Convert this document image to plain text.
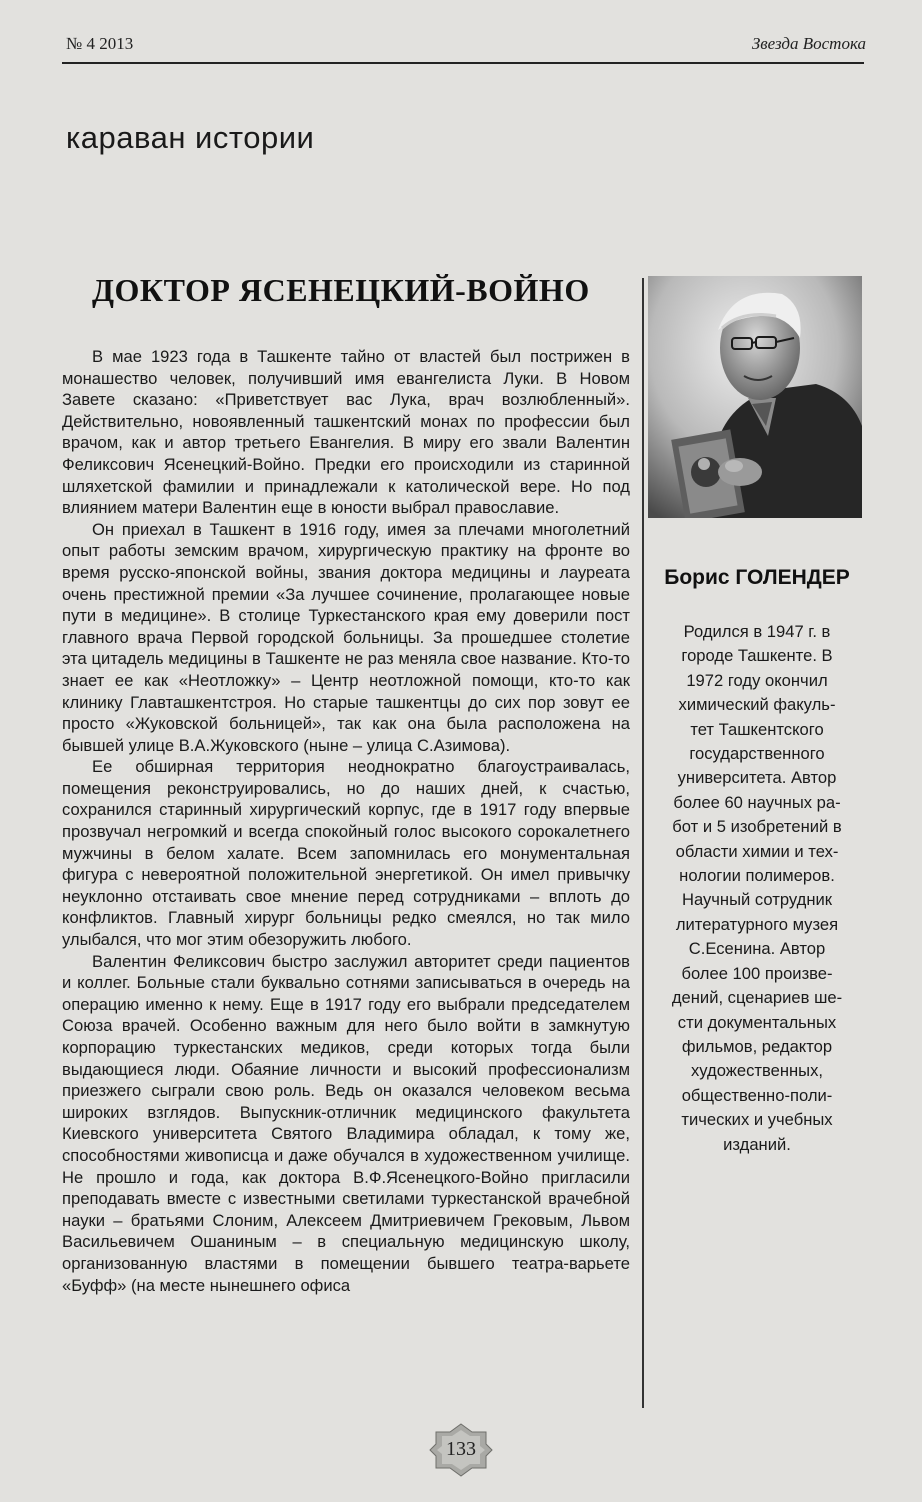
№ 4 2013	Звезда Востока
караван истории
ДОКТОР ЯСЕНЕЦКИЙ-ВОЙНО

В мае 1923 года в Ташкенте тайно от властей был пострижен в монашество человек, получивший имя евангелиста Луки. В Новом Завете сказано: «Приветствует вас Лука, врач возлюбленный». Действительно, новоявленный ташкентский монах по профессии был врачом, как и автор третьего Евангелия. В миру его звали Валентин Феликсович Ясенецкий-Войно. Предки его происходили из старинной шляхетской фамилии и принадлежали к католической вере. Но под влиянием матери Валентин еще в юности выбрал православие.

Он приехал в Ташкент в 1916 году, имея за плечами многолетний опыт работы земским врачом, хирургическую практику на фронте во время русско-японской войны, звания доктора медицины и лауреата очень престижной премии «За лучшее сочинение, пролагающее новые пути в медицине». В столице Туркестанского края ему доверили пост главного врача Первой городской больницы. За прошедшее столетие эта цитадель медицины в Ташкенте не раз меняла свое название. Кто-то знает ее как «Неотложку» – Центр неотложной помощи, кто-то как клинику Главташкентстроя. Но старые ташкентцы до сих пор зовут ее просто «Жуковской больницей», так как она была расположена на бывшей улице В.А.Жуковского (ныне – улица С.Азимова).

Ее обширная территория неоднократно благоустраивалась, помещения реконструировались, но до наших дней, к счастью, сохранился старинный хирургический корпус, где в 1917 году впервые прозвучал негромкий и всегда спокойный голос высокого сорокалетнего мужчины в белом халате. Всем запомнилась его монументальная фигура с невероятной положительной энергетикой. Он имел привычку неуклонно отстаивать свое мнение перед сотрудниками – вплоть до конфликтов. Главный хирург больницы редко смеялся, но так мило улыбался, что мог этим обезоружить любого.

Валентин Феликсович быстро заслужил авторитет среди пациентов и коллег. Больные стали буквально сотнями записываться в очередь на операцию именно к нему. Еще в 1917 году его выбрали председателем Союза врачей. Особенно важным для него было войти в замкнутую корпорацию туркестанских медиков, среди которых тогда были выдающиеся люди. Обаяние личности и высокий профессионализм приезжего сыграли свою роль. Ведь он оказался человеком весьма широких взглядов. Выпускник-отличник медицинского факультета Киевского университета Святого Владимира обладал, к тому же, способностями живописца и даже обучался в художественном училище. Не прошло и года, как доктора В.Ф.Ясенецкого-Войно пригласили преподавать вместе с известными светилами туркестанской врачебной науки – братьями Слоним, Алексеем Дмитриевичем Грековым, Львом Васильевичем Ошаниным – в специальную медицинскую школу, организованную властями в помещении бывшего театра-варьете «Буфф» (на месте нынешнего офиса

Борис ГОЛЕНДЕР
Родился в 1947 г. в
городе Ташкенте. В
1972 году окончил
химический факуль-
тет Ташкентского
государственного
университета. Автор
более 60 научных ра-
бот и 5 изобретений в
области химии и тех-
нологии полимеров.
Научный сотрудник
литературного музея
С.Есенина. Автор
более 100 произве-
дений, сценариев ше-
сти документальных
фильмов, редактор
художественных,
общественно-поли-
тических и учебных
изданий.
133
